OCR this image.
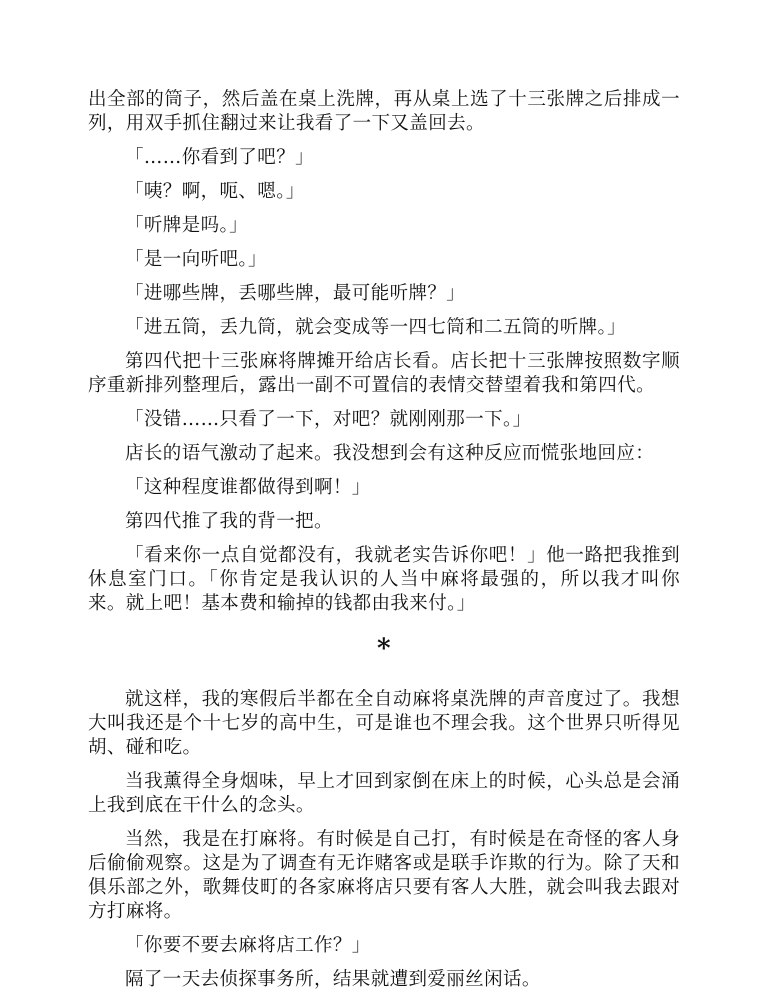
出全部的筒子，然后盖在桌上洗牌，再从桌上选了十三张牌之后排成一列，用双手抓住翻过来让我看了一下又盖回去。

「……你看到了吧？」

「咦？啊，呃、嗯。」

「听牌是吗。」

「是一向听吧。」

「进哪些牌，丢哪些牌，最可能听牌？」

「进五筒，丢九筒，就会变成等一四七筒和二五筒的听牌。」

第四代把十三张麻将牌摊开给店长看。店长把十三张牌按照数字顺序重新排列整理后，露出一副不可置信的表情交替望着我和第四代。

「没错……只看了一下，对吧？就刚刚那一下。」

店长的语气激动了起来。我没想到会有这种反应而慌张地回应：

「这种程度谁都做得到啊！」

第四代推了我的背一把。

「看来你一点自觉都没有，我就老实告诉你吧！」他一路把我推到休息室门口。「你肯定是我认识的人当中麻将最强的，所以我才叫你来。就上吧！基本费和输掉的钱都由我来付。」

*

就这样，我的寒假后半都在全自动麻将桌洗牌的声音度过了。我想大叫我还是个十七岁的高中生，可是谁也不理会我。这个世界只听得见胡、碰和吃。

当我薰得全身烟味，早上才回到家倒在床上的时候，心头总是会涌上我到底在干什么的念头。

当然，我是在打麻将。有时候是自己打，有时候是在奇怪的客人身后偷偷观察。这是为了调查有无诈赌客或是联手诈欺的行为。除了天和俱乐部之外，歌舞伎町的各家麻将店只要有客人大胜，就会叫我去跟对方打麻将。

「你要不要去麻将店工作？」

隔了一天去侦探事务所，结果就遭到爱丽丝闲话。
